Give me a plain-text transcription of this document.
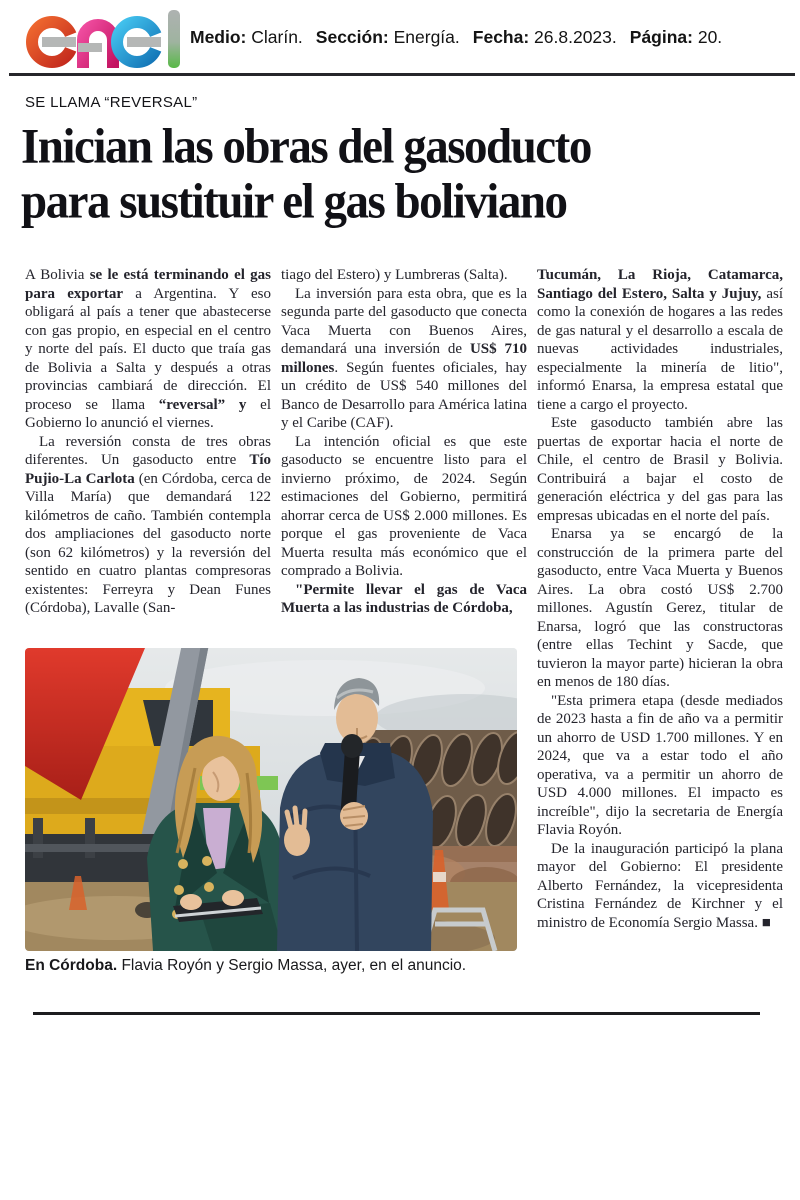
Medio: Clarín. Sección: Energía. Fecha: 26.8.2023. Página: 20.
SE LLAMA “REVERSAL”
Inician las obras del gasoducto
para sustituir el gas boliviano

A Bolivia se le está terminando el gas para exportar a Argentina. Y eso obligará al país a tener que abastecerse con gas propio, en especial en el centro y norte del país. El ducto que traía gas de Bolivia a Salta y después a otras provincias cambiará de dirección. El proceso se llama “reversal” y el Gobierno lo anunció el viernes.

La reversión consta de tres obras diferentes. Un gasoducto entre Tío Pujio-La Carlota (en Córdoba, cerca de Villa María) que demandará 122 kilómetros de caño. También contempla dos ampliaciones del gasoducto norte (son 62 kilómetros) y la reversión del sentido en cuatro plantas compresoras existentes: Ferreyra y Dean Funes (Córdoba), Lavalle (San-

tiago del Estero) y Lumbreras (Salta).

La inversión para esta obra, que es la segunda parte del gasoducto que conecta Vaca Muerta con Buenos Aires, demandará una inversión de US$ 710 millones. Según fuentes oficiales, hay un crédito de US$ 540 millones del Banco de Desarrollo para América latina y el Caribe (CAF).

La intención oficial es que este gasoducto se encuentre listo para el invierno próximo, de 2024. Según estimaciones del Gobierno, permitirá ahorrar cerca de US$ 2.000 millones. Es porque el gas proveniente de Vaca Muerta resulta más económico que el comprado a Bolivia.

"Permite llevar el gas de Vaca Muerta a las industrias de Córdoba,

Tucumán, La Rioja, Catamarca, Santiago del Estero, Salta y Jujuy, así como la conexión de hogares a las redes de gas natural y el desarrollo a escala de nuevas actividades industriales, especialmente la minería de litio", informó Enarsa, la empresa estatal que tiene a cargo el proyecto.

Este gasoducto también abre las puertas de exportar hacia el norte de Chile, el centro de Brasil y Bolivia. Contribuirá a bajar el costo de generación eléctrica y del gas para las empresas ubicadas en el norte del país.

Enarsa ya se encargó de la construcción de la primera parte del gasoducto, entre Vaca Muerta y Buenos Aires. La obra costó US$ 2.700 millones. Agustín Gerez, titular de Enarsa, logró que las constructoras (entre ellas Techint y Sacde, que tuvieron la mayor parte) hicieran la obra en menos de 180 días.

"Esta primera etapa (desde mediados de 2023 hasta a fin de año va a permitir un ahorro de USD 1.700 millones. Y en 2024, que va a estar todo el año operativa, va a permitir un ahorro de USD 4.000 millones. El impacto es increíble", dijo la secretaria de Energía Flavia Royón.

De la inauguración participó la plana mayor del Gobierno: El presidente Alberto Fernández, la vicepresidenta Cristina Fernández de Kirchner y el ministro de Economía Sergio Massa. ■

En Córdoba. Flavia Royón y Sergio Massa, ayer, en el anuncio.
